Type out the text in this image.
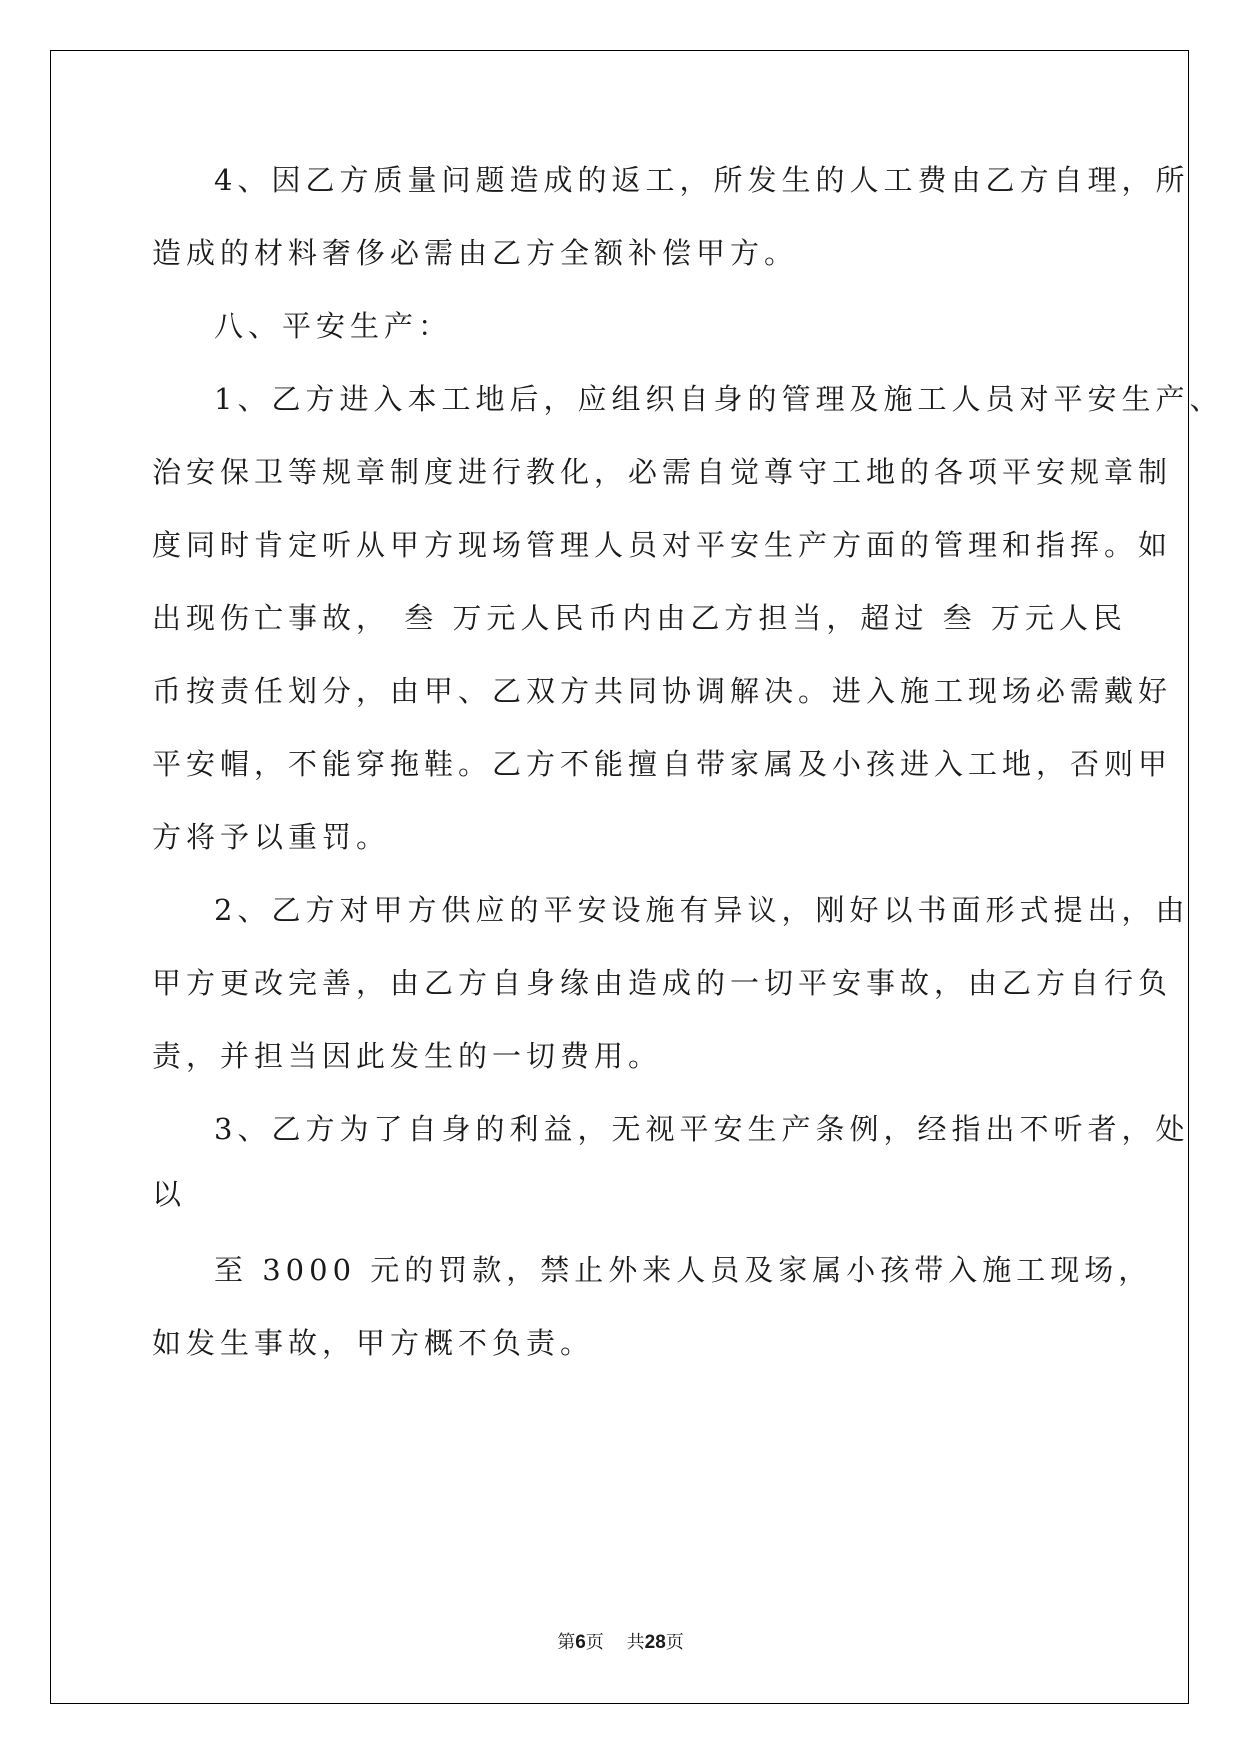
4、因乙方质量问题造成的返工，所发生的人工费由乙方自理，所
造成的材料奢侈必需由乙方全额补偿甲方。
八、平安生产：
1、乙方进入本工地后，应组织自身的管理及施工人员对平安生产、
治安保卫等规章制度进行教化，必需自觉尊守工地的各项平安规章制
度同时肯定听从甲方现场管理人员对平安生产方面的管理和指挥。如
出现伤亡事故， 叁 万元人民币内由乙方担当，超过 叁 万元人民
币按责任划分，由甲、乙双方共同协调解决。进入施工现场必需戴好
平安帽，不能穿拖鞋。乙方不能擅自带家属及小孩进入工地，否则甲
方将予以重罚。
2、乙方对甲方供应的平安设施有异议，刚好以书面形式提出，由
甲方更改完善，由乙方自身缘由造成的一切平安事故，由乙方自行负
责，并担当因此发生的一切费用。
3、乙方为了自身的利益，无视平安生产条例，经指出不听者，处
以
至 3000 元的罚款，禁止外来人员及家属小孩带入施工现场，
如发生事故，甲方概不负责。
第6页 共28页
